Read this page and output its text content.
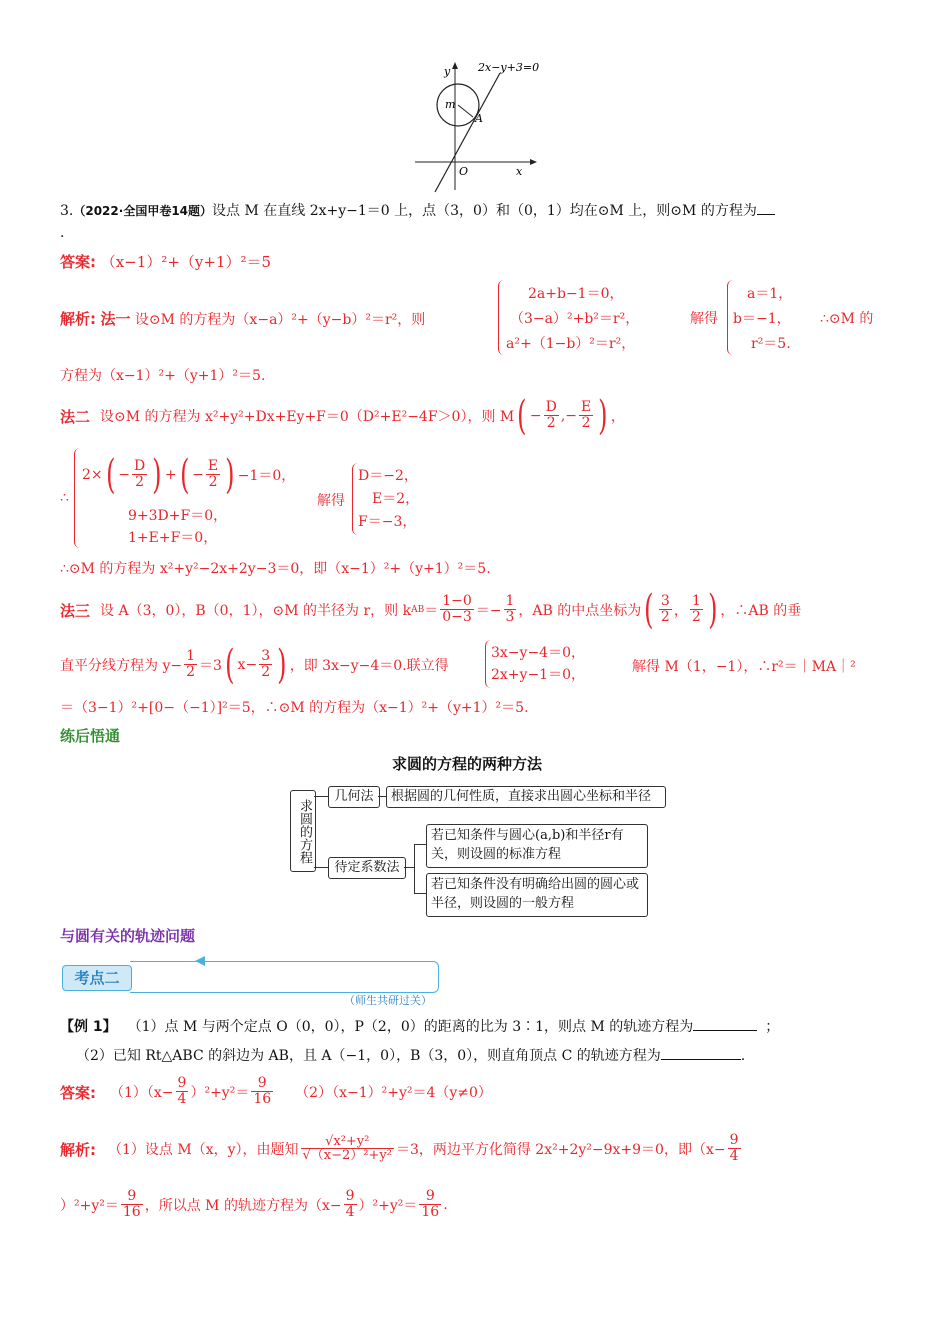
2x−y+3=0
y
x
O
m
A
3.（2022·全国甲卷14题）设点 M 在直线 2x+y−1＝0 上，点（3，0）和（0，1）均在⊙M 上，则⊙M 的方程为
.
答案: （x−1）²+（y+1）²＝5
解析: 法一 设⊙M 的方程为（x−a）²+（y−b）²＝r²，则
2a+b−1＝0，
（3−a）²+b²＝r²，
a²+（1−b）²＝r²，
解得
a＝1，
b＝−1，
r²＝5.
∴⊙M 的
方程为（x−1）²+（y+1）²＝5.
法二 设⊙M 的方程为 x²+y²+Dx+Ey+F＝0（D²+E²−4F＞0），则 M ( − $\frac{D}{2}$ ,− $\frac{E}{2}$ ) ，
∴
2× ( − $\frac{D}{2}$ ) + ( − $\frac{E}{2}$ ) −1＝0，
9+3D+F＝0，
1+E+F＝0，
解得
D＝−2，
E＝2，
F＝−3，
∴⊙M 的方程为 x²+y²−2x+2y−3＝0，即（x−1）²+（y+1）²＝5.
法三 设 A（3，0），B（0，1），⊙M 的半径为 r，则 k AB ＝ $\frac{1-0}{0-3} =- \frac{1}{3}$ ，AB 的中点坐标为 ( $\frac{3}{2}$ ， $\frac{1}{2}$ ) ，∴AB 的垂
直平分线方程为 $y- \frac{1}{2} =3$ ( $x- \frac{3}{2}$ ) ，即 3x−y−4＝0.联立得
3x−y−4＝0，
2x+y−1＝0，	解得 M（1，−1），∴r²＝｜MA｜²
＝（3−1）²+[0−（−1）]²＝5，∴⊙M 的方程为（x−1）²+（y+1）²＝5.
练后悟通
求圆的方程的两种方法
求圆的方程
几何法	根据圆的几何性质，直接求出圆心坐标和半径
待定系数法
若已知条件与圆心(a,b)和半径r有关，则设圆的标准方程
若已知条件没有明确给出圆的圆心或半径，则设圆的一般方程
与圆有关的轨迹问题
考点二
（师生共研过关）
【例 1】 （1）点 M 与两个定点 O（0，0），P（2，0）的距离的比为 3∶1，则点 M 的轨迹方程为	；
（2）已知 Rt△ABC 的斜边为 AB，且 A（−1，0），B（3，0），则直角顶点 C 的轨迹方程为	.
答案: $(1)(x- \frac{9}{4} )^2+y^2= \frac{9}{16} (2)(x-1)^2+y^2=4(y\ne 0)$
解析: （1）设点 M（x，y），由题知 $\frac{\text{√x²+y²}}{\text{√（x−2）²+y²}} =3$，两边平方化简得 2x²+2y²−9x+9＝0，即（$x- \frac{9}{4}$
）$^2+y^2= \frac{9}{16}$ ，所以点 M 的轨迹方程为$(x- \frac{9}{4} )^2+y^2= \frac{9}{16}$ .
